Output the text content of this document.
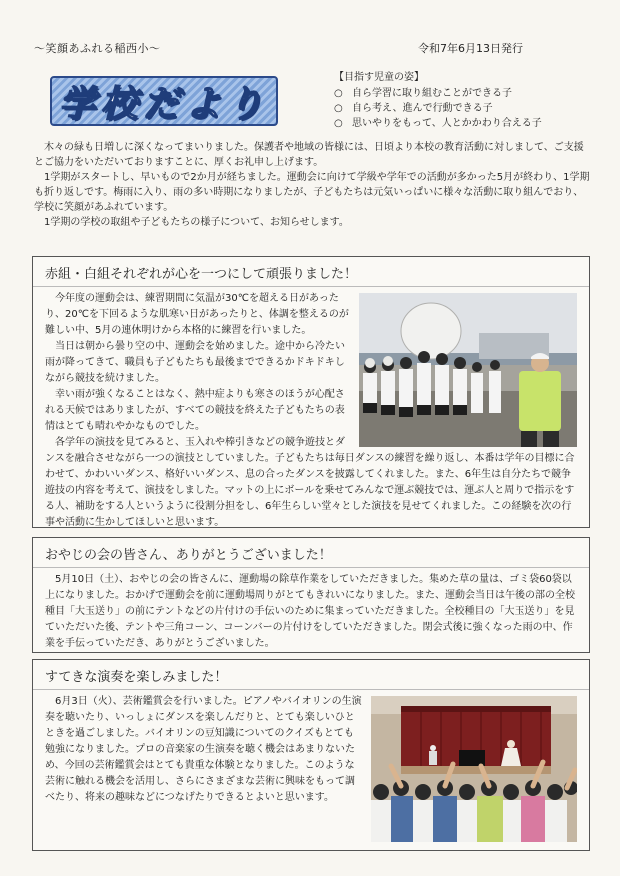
〜笑顔あふれる稲西小〜	令和7年6月13日発行
学校だより
【目指す児童の姿】
○ 自ら学習に取り組むことができる子
○ 自ら考え、進んで行動できる子
○ 思いやりをもって、人とかかわり合える子

木々の緑も日増しに深くなってまいりました。保護者や地域の皆様には、日頃より本校の教育活動に対しまして、ご支援とご協力をいただいておりますことに、厚くお礼申し上げます。

1学期がスタートし、早いもので2か月が経ちました。運動会に向けて学級や学年での活動が多かった5月が終わり、1学期も折り返しです。梅雨に入り、雨の多い時期になりましたが、子どもたちは元気いっぱいに様々な活動に取り組んでおり、学校に笑顔があふれています。

1学期の学校の取組や子どもたちの様子について、お知らせします。

赤組・白組それぞれが心を一つにして頑張りました！

今年度の運動会は、練習期間に気温が30℃を超える日があったり、20℃を下回るような肌寒い日があったりと、体調を整えるのが難しい中、5月の連休明けから本格的に練習を行いました。

当日は朝から曇り空の中、運動会を始めました。途中から冷たい雨が降ってきて、職員も子どもたちも最後までできるかドキドキしながら競技を続けました。

幸い雨が強くなることはなく、熱中症よりも寒さのほうが心配される天候ではありましたが、すべての競技を終えた子どもたちの表情はとても晴れやかなものでした。

各学年の演技を見てみると、玉入れや棒引きなどの競争遊技とダンスを融合させながら一つの演技としていました。子どもたちは毎日ダンスの練習を繰り返し、本番は学年の目標に合わせて、かわいいダンス、格好いいダンス、息の合ったダンスを披露してくれました。また、6年生は自分たちで競争遊技の内容を考えて、演技をしました。マットの上にボールを乗せてみんなで運ぶ競技では、運ぶ人と周りで指示をする人、補助をする人というように役割分担をし、6年生らしい堂々とした演技を見せてくれました。この経験を次の行事や活動に生かしてほしいと思います。

おやじの会の皆さん、ありがとうございました！

5月10日（土）、おやじの会の皆さんに、運動場の除草作業をしていただきました。集めた草の量は、ゴミ袋60袋以上になりました。おかげで運動会を前に運動場周りがとてもきれいになりました。また、運動会当日は午後の部の全校種目「大玉送り」の前にテントなどの片付けの手伝いのために集まっていただきました。全校種目の「大玉送り」を見ていただいた後、テントや三角コーン、コーンバーの片付けをしていただきました。閉会式後に強くなった雨の中、作業を手伝っていただき、ありがとうございました。

すてきな演奏を楽しみました！

6月3日（火）、芸術鑑賞会を行いました。ピアノやバイオリンの生演奏を聴いたり、いっしょにダンスを楽しんだりと、とても楽しいひとときを過ごしました。バイオリンの豆知識についてのクイズもとても勉強になりました。プロの音楽家の生演奏を聴く機会はあまりないため、今回の芸術鑑賞会はとても貴重な体験となりました。このような芸術に触れる機会を活用し、さらにさまざまな芸術に興味をもって調べたり、将来の趣味などにつなげたりできるとよいと思います。
